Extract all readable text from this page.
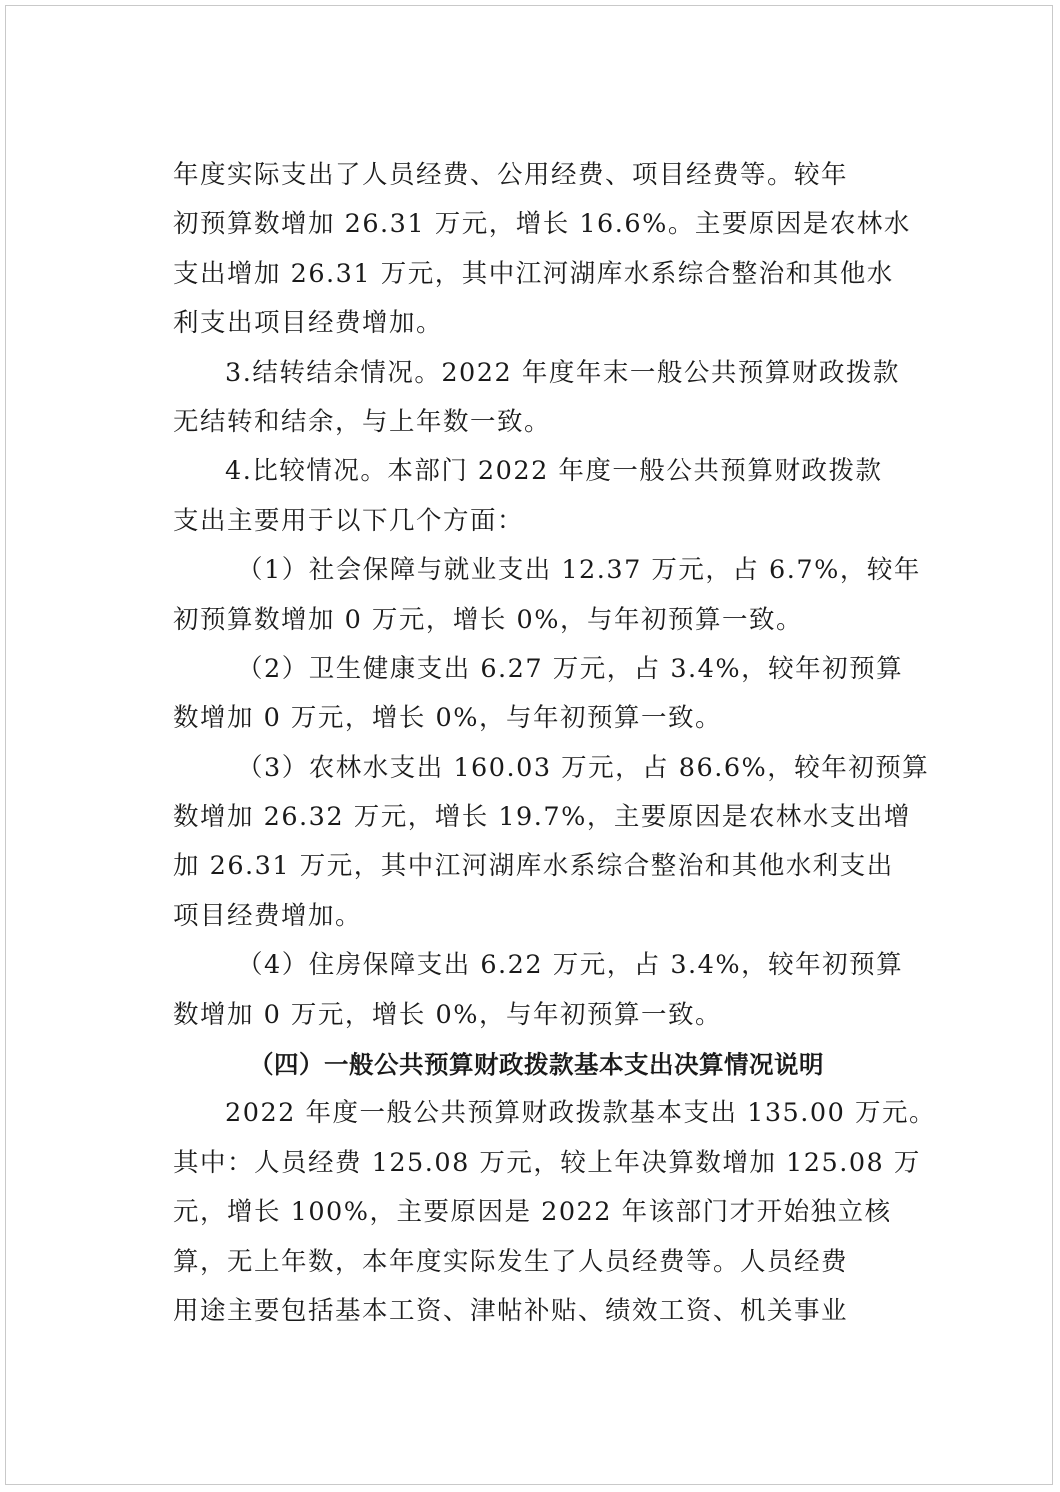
年度实际支出了人员经费、公用经费、项目经费等。较年
初预算数增加 26.31 万元，增长 16.6%。主要原因是农林水
支出增加 26.31 万元，其中江河湖库水系综合整治和其他水
利支出项目经费增加。
3.结转结余情况。2022 年度年末一般公共预算财政拨款
无结转和结余，与上年数一致。
4.比较情况。本部门 2022 年度一般公共预算财政拨款
支出主要用于以下几个方面：
（1）社会保障与就业支出 12.37 万元，占 6.7%，较年
初预算数增加 0 万元，增长 0%，与年初预算一致。
（2）卫生健康支出 6.27 万元，占 3.4%，较年初预算
数增加 0 万元，增长 0%，与年初预算一致。
（3）农林水支出 160.03 万元，占 86.6%，较年初预算
数增加 26.32 万元，增长 19.7%，主要原因是农林水支出增
加 26.31 万元，其中江河湖库水系综合整治和其他水利支出
项目经费增加。
（4）住房保障支出 6.22 万元，占 3.4%，较年初预算
数增加 0 万元，增长 0%，与年初预算一致。
（四）一般公共预算财政拨款基本支出决算情况说明
2022 年度一般公共预算财政拨款基本支出 135.00 万元。
其中：人员经费 125.08 万元，较上年决算数增加 125.08 万
元，增长 100%，主要原因是 2022 年该部门才开始独立核
算，无上年数，本年度实际发生了人员经费等。人员经费
用途主要包括基本工资、津帖补贴、绩效工资、机关事业
